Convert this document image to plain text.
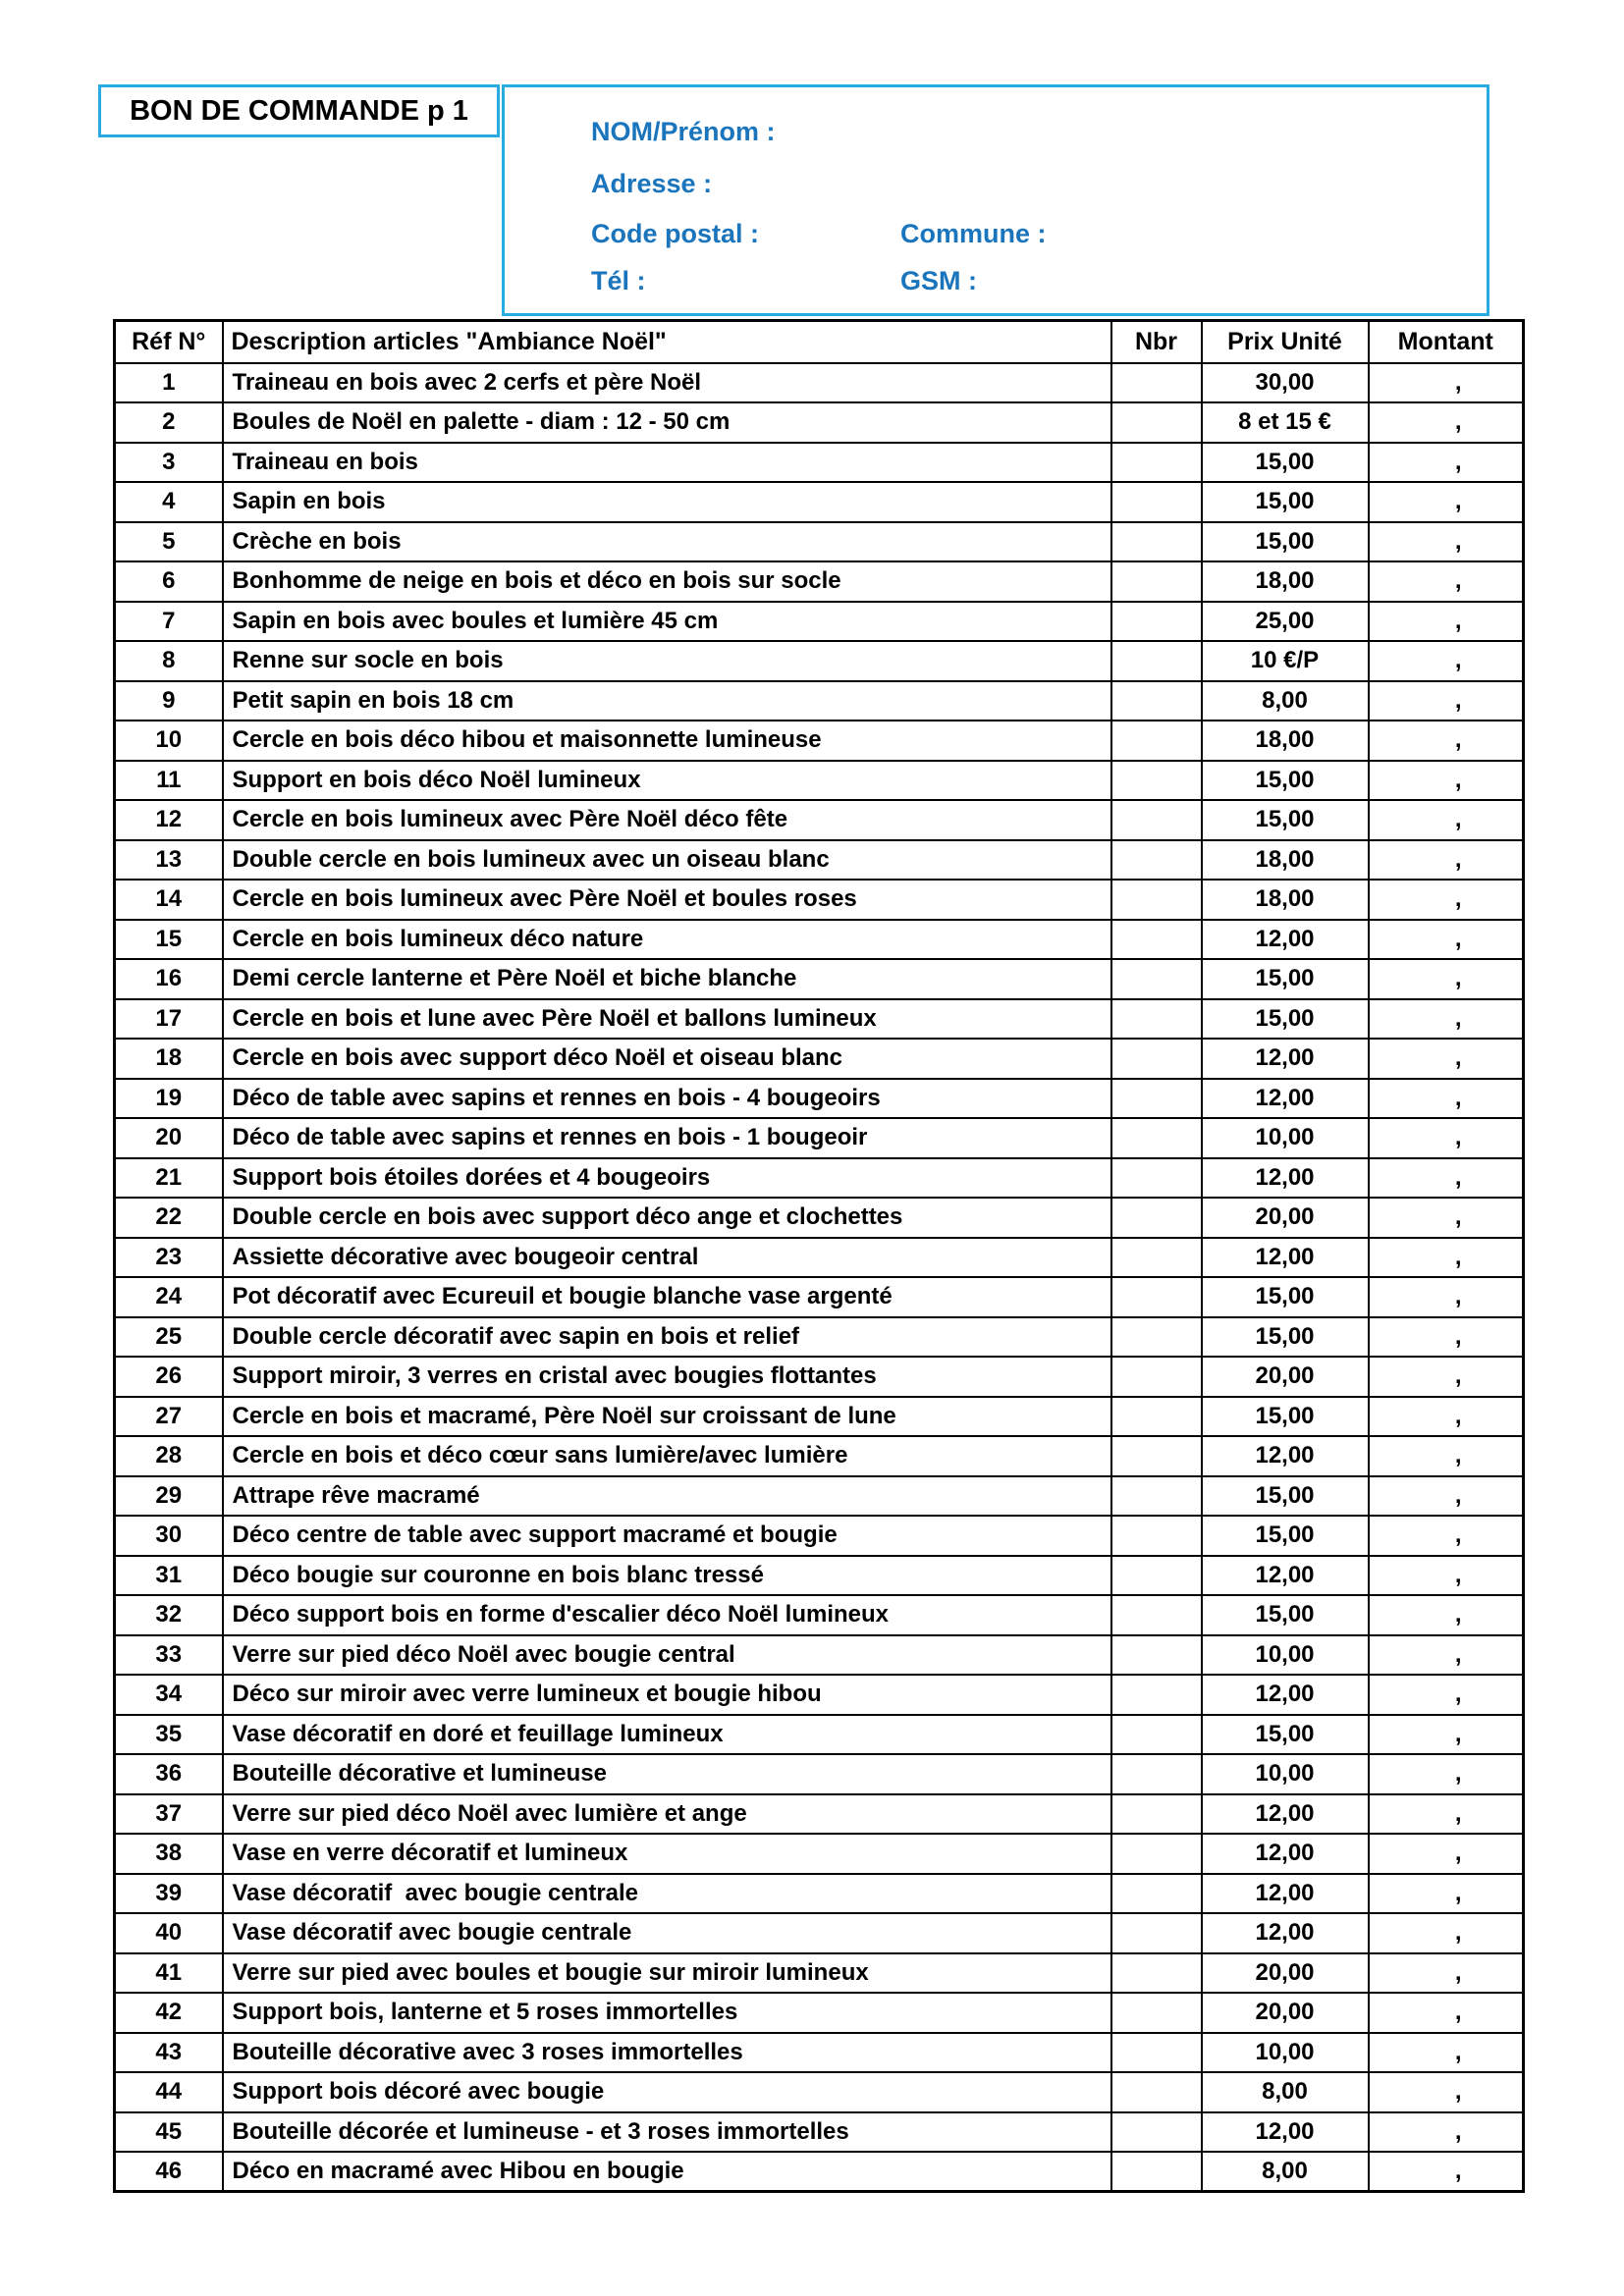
BON DE COMMANDE p 1
NOM/Prénom :
Adresse :
Code postal :	Commune :
Tél :	GSM :
Réf N°	Description articles "Ambiance Noël"	Nbr	Prix Unité	Montant
1	Traineau en bois avec 2 cerfs et père Noël		30,00	,
2	Boules de Noël en palette - diam : 12 - 50 cm		8 et 15 €	,
3	Traineau en bois		15,00	,
4	Sapin en bois		15,00	,
5	Crèche en bois		15,00	,
6	Bonhomme de neige en bois et déco en bois sur socle		18,00	,
7	Sapin en bois avec boules et lumière 45 cm		25,00	,
8	Renne sur socle en bois		10 €/P	,
9	Petit sapin en bois 18 cm		8,00	,
10	Cercle en bois déco hibou et maisonnette lumineuse		18,00	,
11	Support en bois déco Noël lumineux		15,00	,
12	Cercle en bois lumineux avec Père Noël déco fête		15,00	,
13	Double cercle en bois lumineux avec un oiseau blanc		18,00	,
14	Cercle en bois lumineux avec Père Noël et boules roses		18,00	,
15	Cercle en bois lumineux déco nature		12,00	,
16	Demi cercle lanterne et Père Noël et biche blanche		15,00	,
17	Cercle en bois et lune avec Père Noël et ballons lumineux		15,00	,
18	Cercle en bois avec support déco Noël et oiseau blanc		12,00	,
19	Déco de table avec sapins et rennes en bois - 4 bougeoirs		12,00	,
20	Déco de table avec sapins et rennes en bois - 1 bougeoir		10,00	,
21	Support bois étoiles dorées et 4 bougeoirs		12,00	,
22	Double cercle en bois avec support déco ange et clochettes		20,00	,
23	Assiette décorative avec bougeoir central		12,00	,
24	Pot décoratif avec Ecureuil et bougie blanche vase argenté		15,00	,
25	Double cercle décoratif avec sapin en bois et relief		15,00	,
26	Support miroir, 3 verres en cristal avec bougies flottantes		20,00	,
27	Cercle en bois et macramé, Père Noël sur croissant de lune		15,00	,
28	Cercle en bois et déco cœur sans lumière/avec lumière		12,00	,
29	Attrape rêve macramé		15,00	,
30	Déco centre de table avec support macramé et bougie		15,00	,
31	Déco bougie sur couronne en bois blanc tressé		12,00	,
32	Déco support bois en forme d'escalier déco Noël lumineux		15,00	,
33	Verre sur pied déco Noël avec bougie central		10,00	,
34	Déco sur miroir avec verre lumineux et bougie hibou		12,00	,
35	Vase décoratif en doré et feuillage lumineux		15,00	,
36	Bouteille décorative et lumineuse		10,00	,
37	Verre sur pied déco Noël avec lumière et ange		12,00	,
38	Vase en verre décoratif et lumineux		12,00	,
39	Vase décoratif  avec bougie centrale		12,00	,
40	Vase décoratif avec bougie centrale		12,00	,
41	Verre sur pied avec boules et bougie sur miroir lumineux		20,00	,
42	Support bois, lanterne et 5 roses immortelles		20,00	,
43	Bouteille décorative avec 3 roses immortelles		10,00	,
44	Support bois décoré avec bougie		8,00	,
45	Bouteille décorée et lumineuse - et 3 roses immortelles		12,00	,
46	Déco en macramé avec Hibou en bougie		8,00	,
